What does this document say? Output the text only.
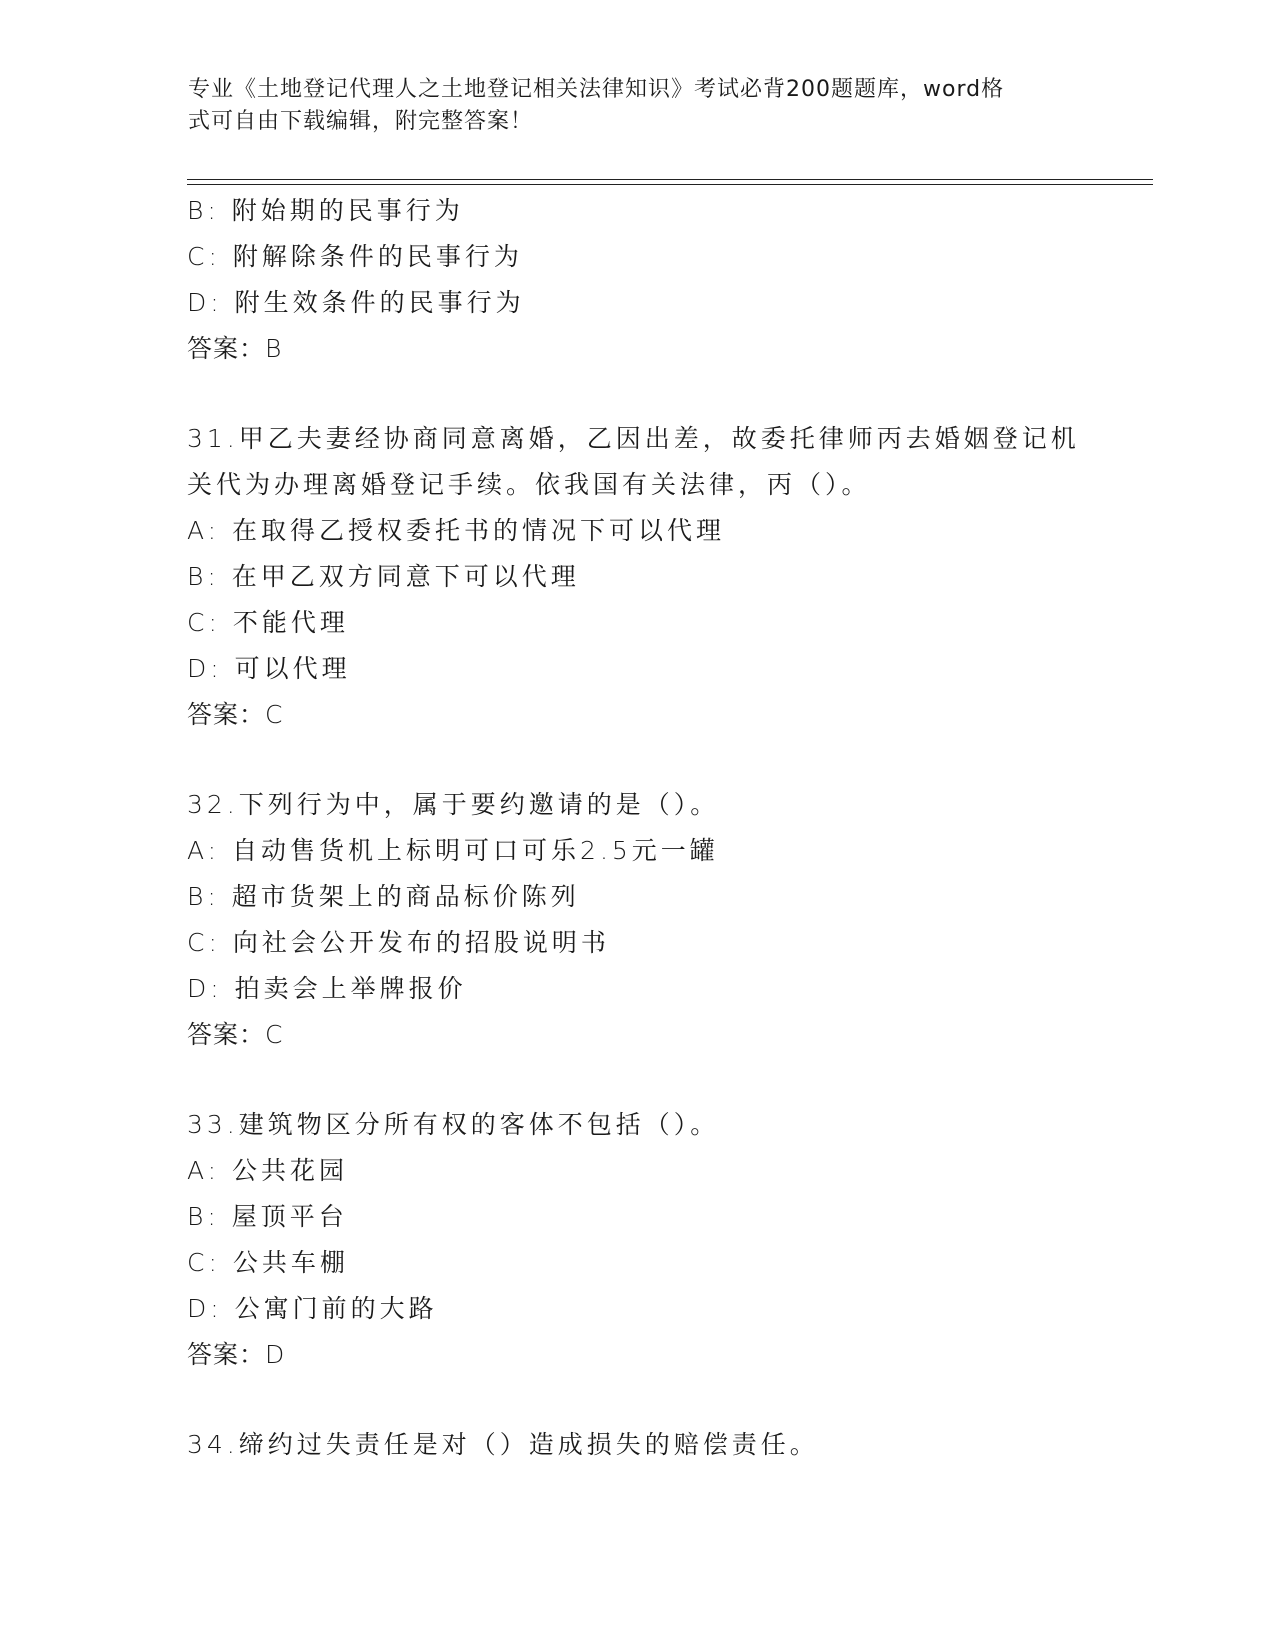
专业《土地登记代理人之土地登记相关法律知识》考试必背200题题库，word格

式可自由下载编辑，附完整答案！

B: 附始期的民事行为

C: 附解除条件的民事行为

D: 附生效条件的民事行为

答案：B

31.甲乙夫妻经协商同意离婚，乙因出差，故委托律师丙去婚姻登记机

关代为办理离婚登记手续。依我国有关法律，丙（）。

A: 在取得乙授权委托书的情况下可以代理

B: 在甲乙双方同意下可以代理

C: 不能代理

D: 可以代理

答案：C

32.下列行为中，属于要约邀请的是（）。

A: 自动售货机上标明可口可乐2.5元一罐

B: 超市货架上的商品标价陈列

C: 向社会公开发布的招股说明书

D: 拍卖会上举牌报价

答案：C

33.建筑物区分所有权的客体不包括（）。

A: 公共花园

B: 屋顶平台

C: 公共车棚

D: 公寓门前的大路

答案：D

34.缔约过失责任是对（）造成损失的赔偿责任。
